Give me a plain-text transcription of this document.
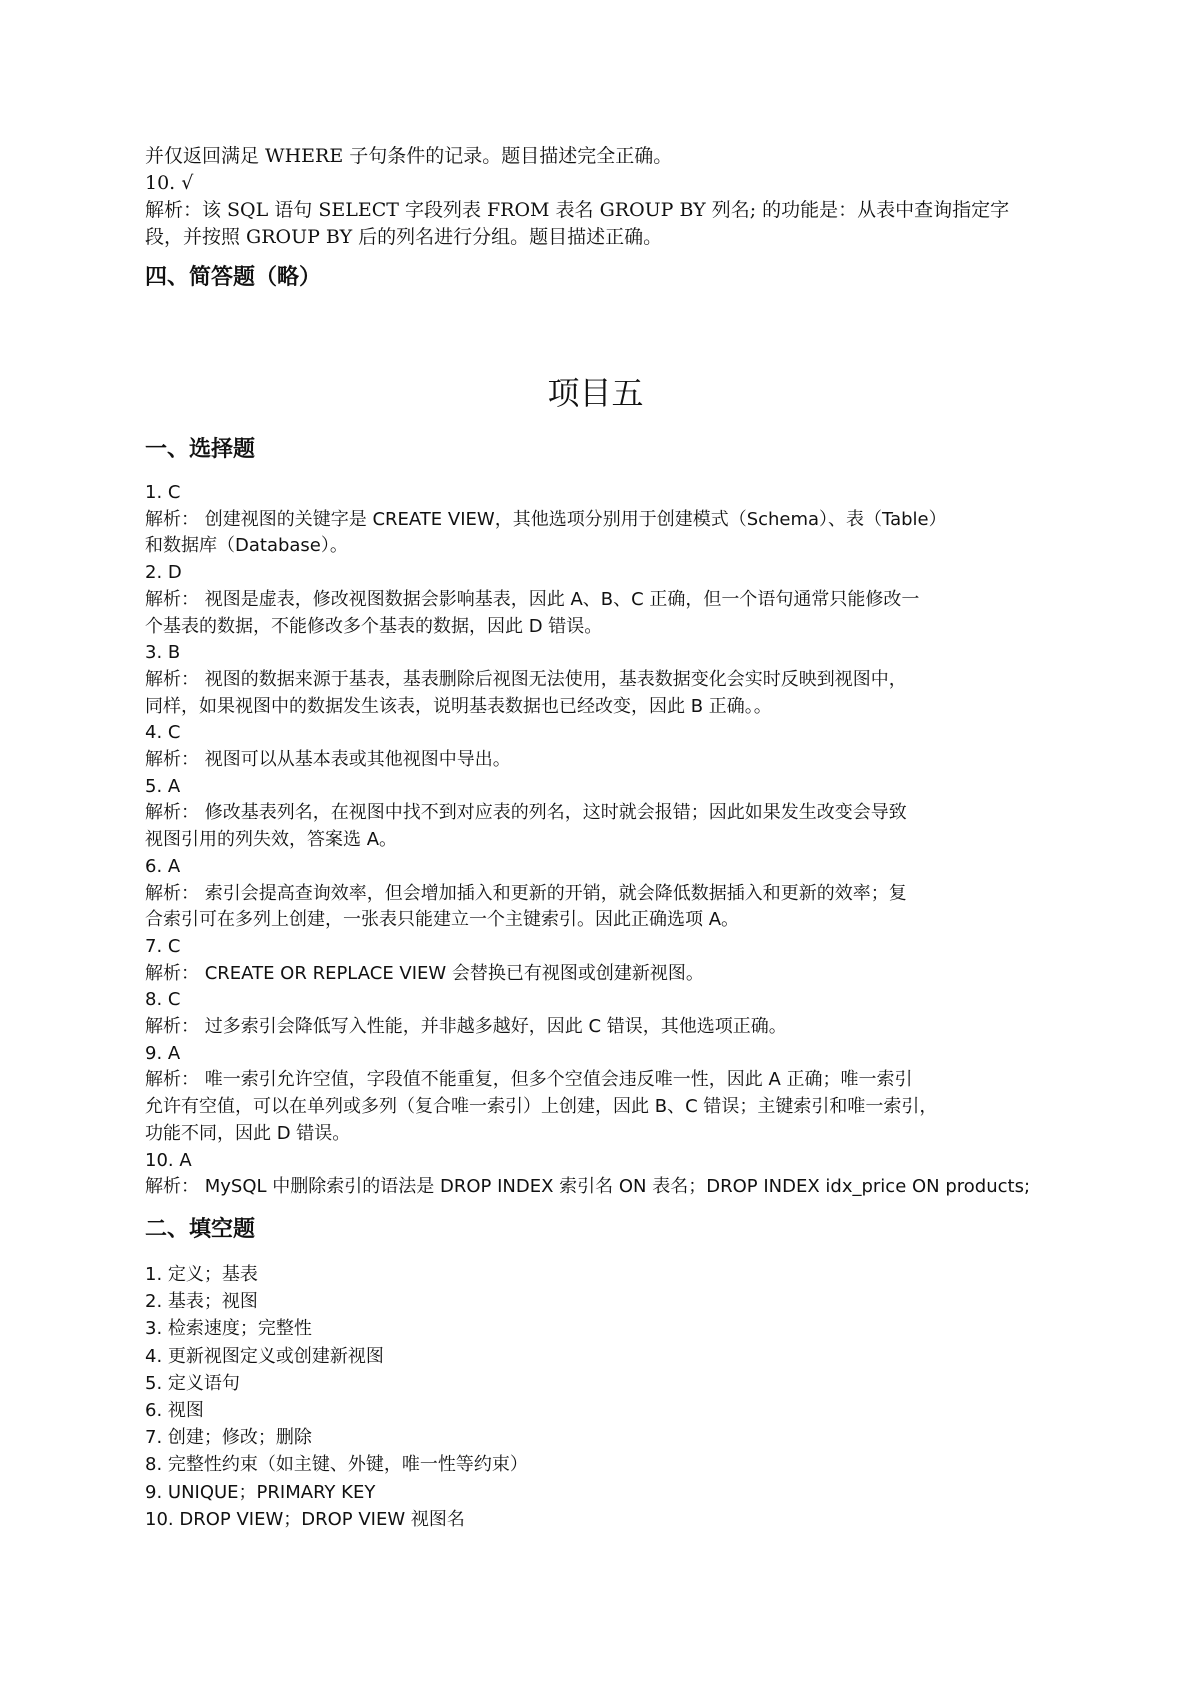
并仅返回满足 WHERE 子句条件的记录。题目描述完全正确。

10. √

解析：该 SQL 语句 SELECT 字段列表 FROM 表名 GROUP BY 列名; 的功能是：从表中查询指定字

段，并按照 GROUP BY 后的列名进行分组。题目描述正确。

四、简答题（略）
项目五
一、选择题

1. C

解析： 创建视图的关键字是 CREATE VIEW，其他选项分别用于创建模式（Schema）、表（Table）

和数据库（Database）。

2. D

解析： 视图是虚表，修改视图数据会影响基表，因此 A、B、C 正确，但一个语句通常只能修改一

个基表的数据，不能修改多个基表的数据，因此 D 错误。

3. B

解析： 视图的数据来源于基表，基表删除后视图无法使用，基表数据变化会实时反映到视图中，

同样，如果视图中的数据发生该表，说明基表数据也已经改变，因此 B 正确。。

4. C

解析： 视图可以从基本表或其他视图中导出。

5. A

解析： 修改基表列名，在视图中找不到对应表的列名，这时就会报错；因此如果发生改变会导致

视图引用的列失效，答案选 A。

6. A

解析： 索引会提高查询效率，但会增加插入和更新的开销，就会降低数据插入和更新的效率；复

合索引可在多列上创建，一张表只能建立一个主键索引。因此正确选项 A。

7. C

解析： CREATE OR REPLACE VIEW 会替换已有视图或创建新视图。

8. C

解析： 过多索引会降低写入性能，并非越多越好，因此 C 错误，其他选项正确。

9. A

解析： 唯一索引允许空值，字段值不能重复，但多个空值会违反唯一性，因此 A 正确；唯一索引

允许有空值，可以在单列或多列（复合唯一索引）上创建，因此 B、C 错误；主键索引和唯一索引，

功能不同，因此 D 错误。

10. A

解析： MySQL 中删除索引的语法是 DROP INDEX 索引名 ON 表名；DROP INDEX idx_price ON products;

二、填空题
1. 定义；基表
2. 基表；视图
3. 检索速度；完整性
4. 更新视图定义或创建新视图
5. 定义语句
6. 视图
7. 创建；修改；删除
8. 完整性约束（如主键、外键，唯一性等约束）
9. UNIQUE；PRIMARY KEY
10. DROP VIEW；DROP VIEW 视图名
